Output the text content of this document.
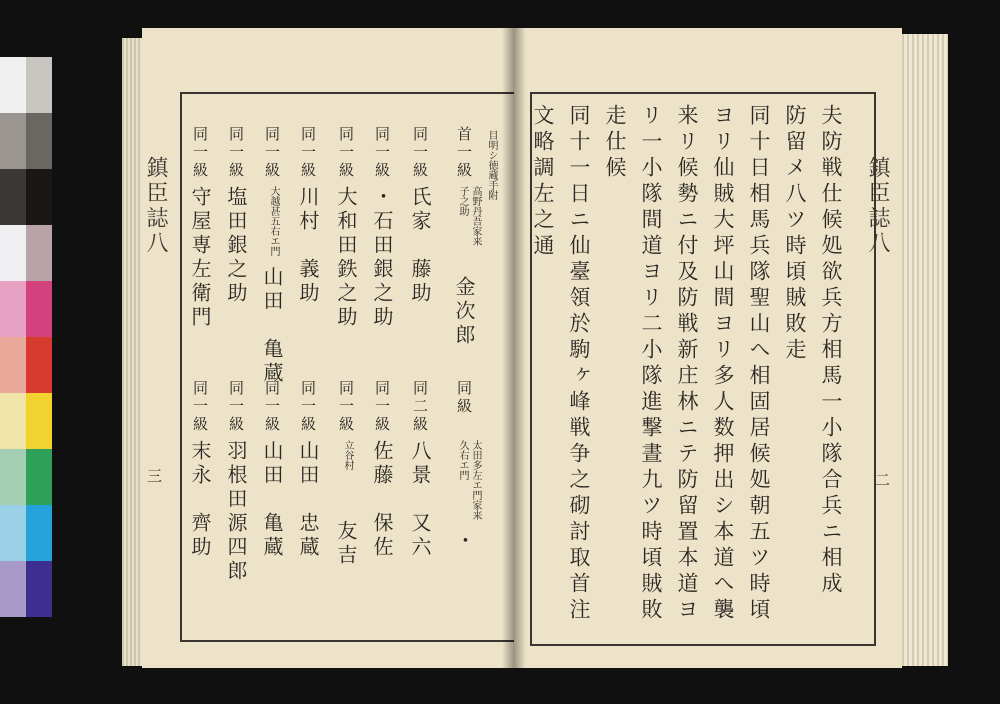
鎮臣誌八
三
首一級 目明シ徳蔵手附
高野丹吾家来
子之助
金次郎
同一級
氏家　藤助
同一級
・石田銀之助
同一級
大和田鉄之助
同一級
川村　義助
同一級
大越甚五右エ門
山田　亀蔵
同一級
塩田銀之助
同一級
守屋専左衛門
同級
太田多左エ門家来
久右エ門
・
同二級
八景　又六
同一級
佐藤　保佐
同一級
立谷村
友吉
同一級
山田　忠蔵
同一級
山田　亀蔵
同一級
羽根田源四郎
同一級
末永　齊助	夫防戦仕候処欲兵方相馬一小隊合兵ニ相成
防留メ八ツ時頃賊敗走
同十日相馬兵隊聖山へ相固居候処朝五ツ時頃
ヨリ仙賊大坪山間ヨリ多人数押出シ本道へ襲
来リ候勢ニ付及防戦新庄林ニテ防留置本道ヨ
リ一小隊間道ヨリ二小隊進撃晝九ツ時頃賊敗
走仕候
同十一日ニ仙臺領於駒ヶ峰戦争之砌討取首注
文略調左之通	鎮臣誌八
二
